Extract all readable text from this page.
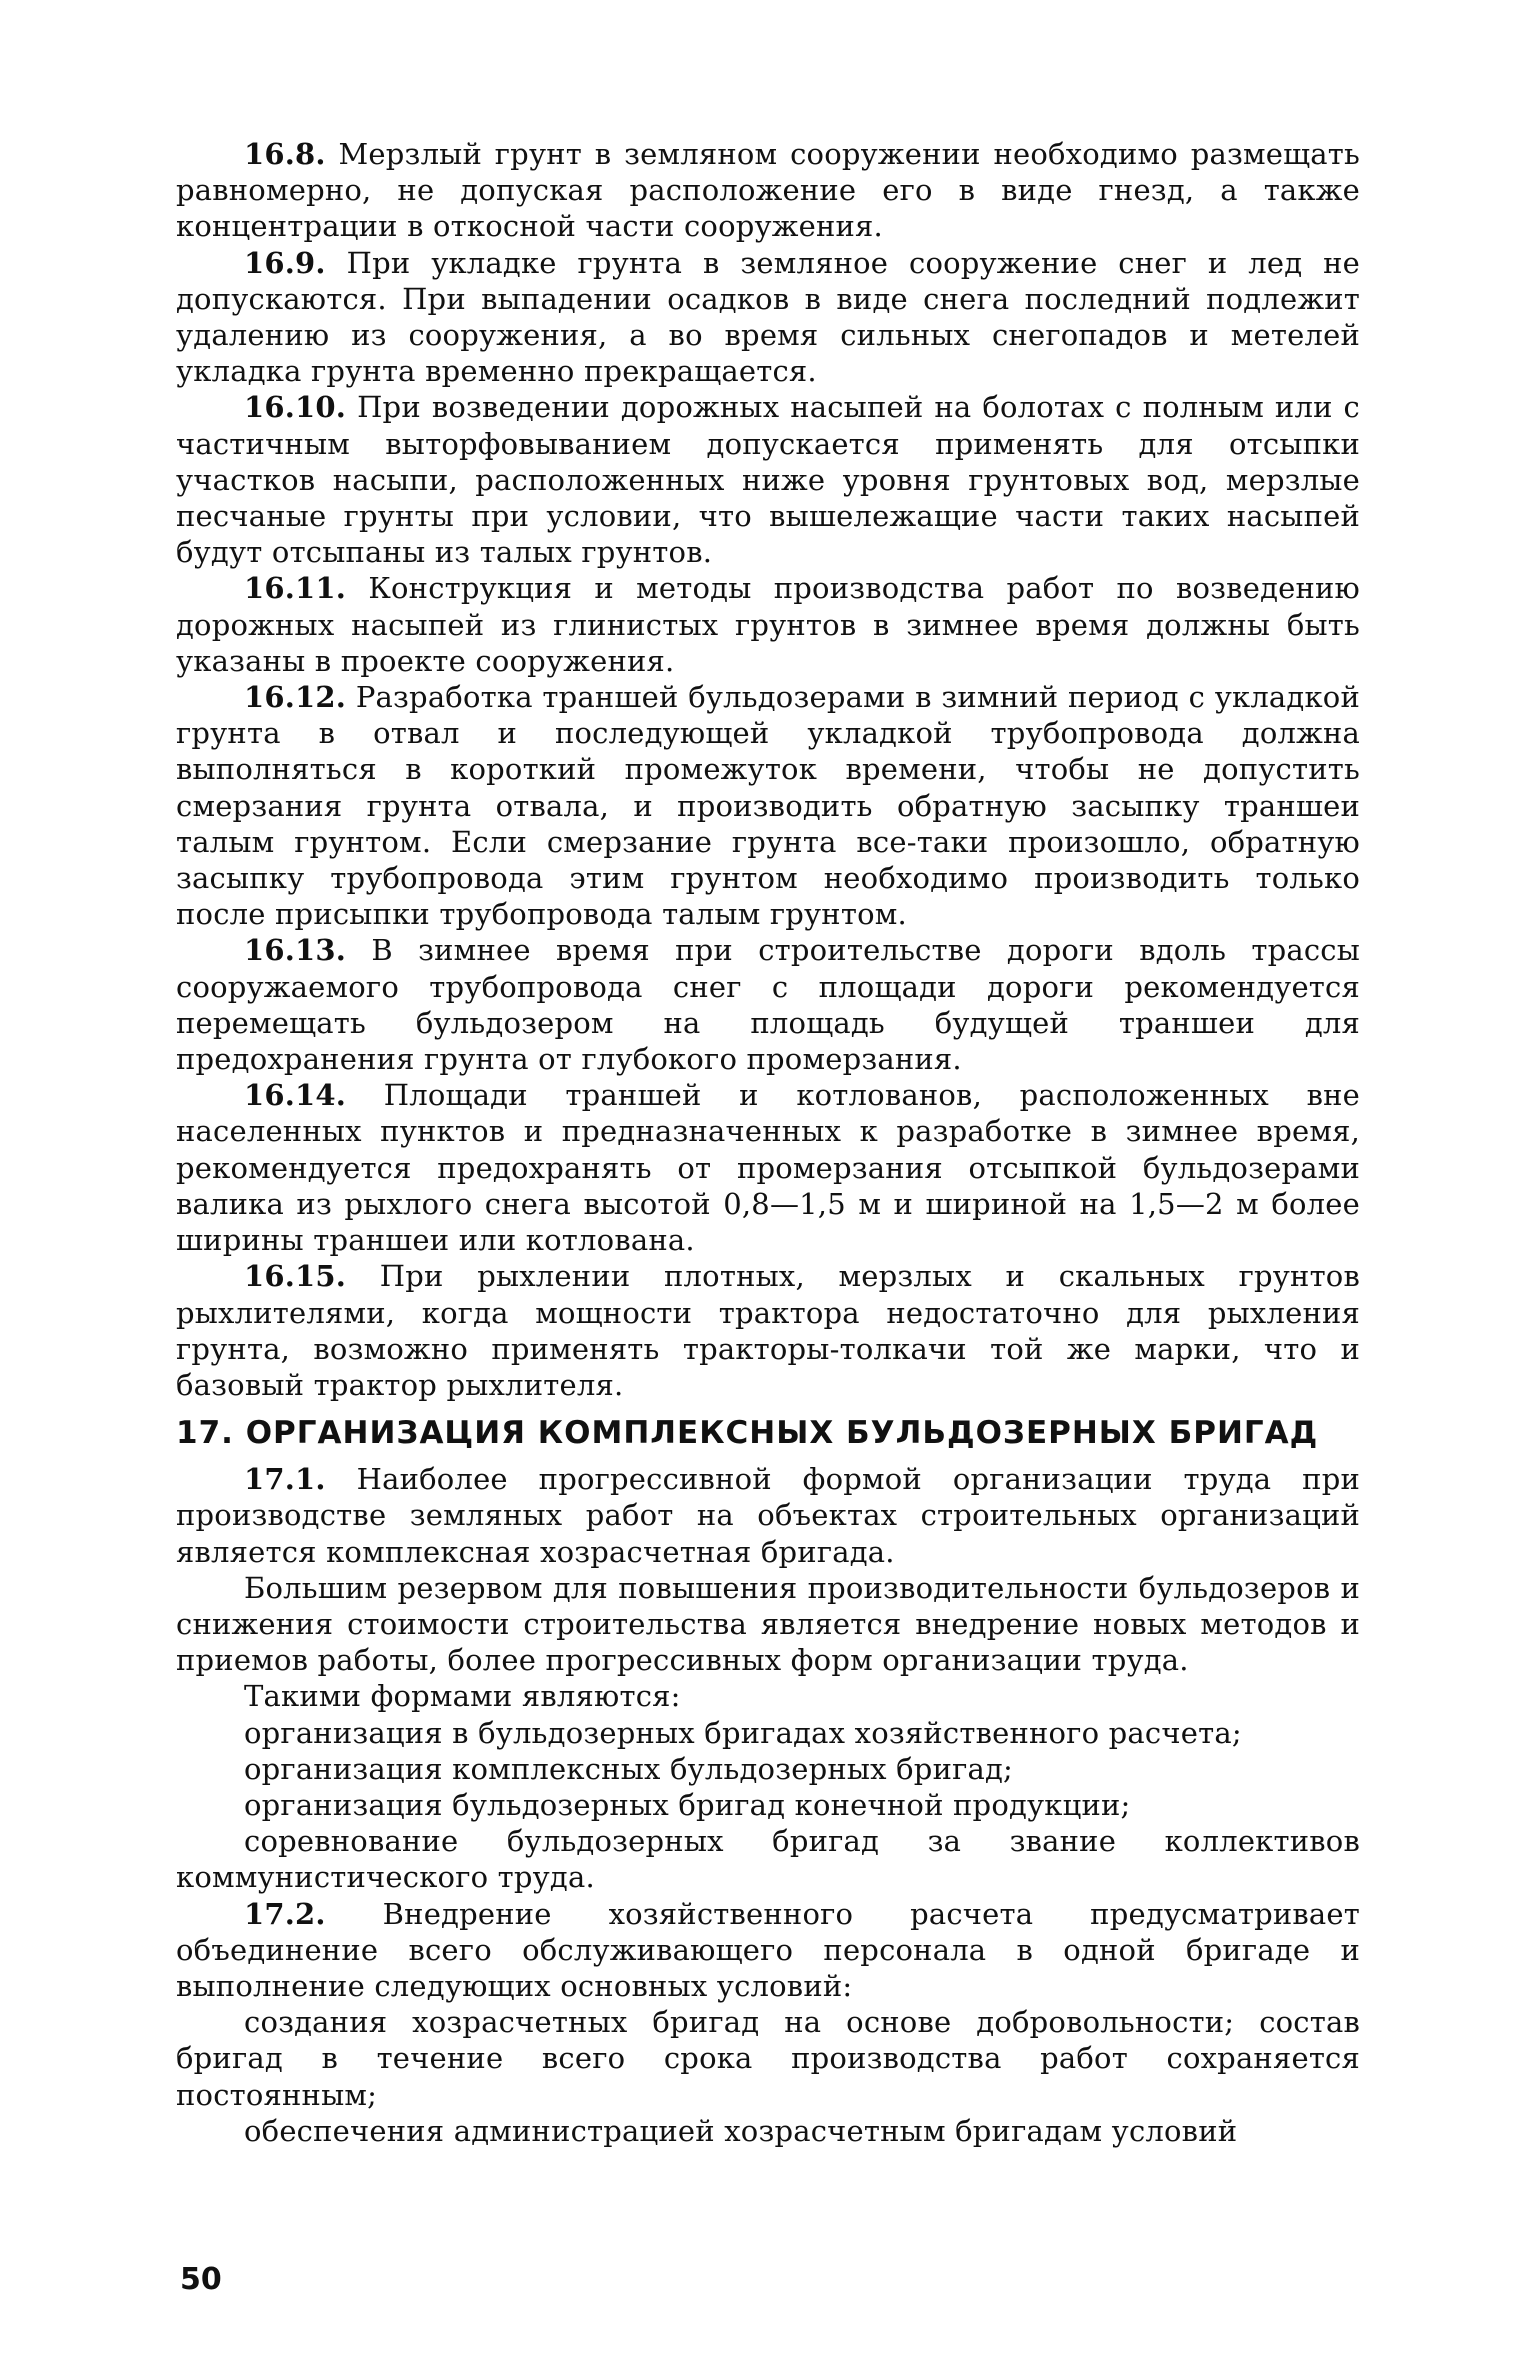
16.8. Мерзлый грунт в земляном сооружении необходимо размещать равномерно, не допуская расположение его в виде гнезд, а также концентрации в откосной части сооружения.

16.9. При укладке грунта в земляное сооружение снег и лед не допускаются. При выпадении осадков в виде снега последний подлежит удалению из сооружения, а во время сильных снегопадов и метелей укладка грунта временно прекращается.

16.10. При возведении дорожных насыпей на болотах с полным или с частичным выторфовыванием допускается применять для отсыпки участков насыпи, расположенных ниже уровня грунтовых вод, мерзлые песчаные грунты при условии, что вышележащие части таких насыпей будут отсыпаны из талых грунтов.

16.11. Конструкция и методы производства работ по возведению дорожных насыпей из глинистых грунтов в зимнее время должны быть указаны в проекте сооружения.

16.12. Разработка траншей бульдозерами в зимний период с укладкой грунта в отвал и последующей укладкой трубопровода должна выполняться в короткий промежуток времени, чтобы не допустить смерзания грунта отвала, и производить обратную засыпку траншеи талым грунтом. Если смерзание грунта все-таки произошло, обратную засыпку трубопровода этим грунтом необходимо производить только после присыпки трубопровода талым грунтом.

16.13. В зимнее время при строительстве дороги вдоль трассы сооружаемого трубопровода снег с площади дороги рекомендуется перемещать бульдозером на площадь будущей траншеи для предохранения грунта от глубокого промерзания.

16.14. Площади траншей и котлованов, расположенных вне населенных пунктов и предназначенных к разработке в зимнее время, рекомендуется предохранять от промерзания отсыпкой бульдозерами валика из рыхлого снега высотой 0,8—1,5 м и шириной на 1,5—2 м более ширины траншеи или котлована.

16.15. При рыхлении плотных, мерзлых и скальных грунтов рыхлителями, когда мощности трактора недостаточно для рыхления грунта, возможно применять тракторы-толкачи той же марки, что и базовый трактор рыхлителя.

17. ОРГАНИЗАЦИЯ КОМПЛЕКСНЫХ БУЛЬДОЗЕРНЫХ БРИГАД

17.1. Наиболее прогрессивной формой организации труда при производстве земляных работ на объектах строительных организаций является комплексная хозрасчетная бригада.

Большим резервом для повышения производительности бульдозеров и снижения стоимости строительства является внедрение новых методов и приемов работы, более прогрессивных форм организации труда.

Такими формами являются:

организация в бульдозерных бригадах хозяйственного расчета;

организация комплексных бульдозерных бригад;

организация бульдозерных бригад конечной продукции;

соревнование бульдозерных бригад за звание коллективов коммунистического труда.

17.2. Внедрение хозяйственного расчета предусматривает объединение всего обслуживающего персонала в одной бригаде и выполнение следующих основных условий:

создания хозрасчетных бригад на основе добровольности; состав бригад в течение всего срока производства работ сохраняется постоянным;

обеспечения администрацией хозрасчетным бригадам условий

50
